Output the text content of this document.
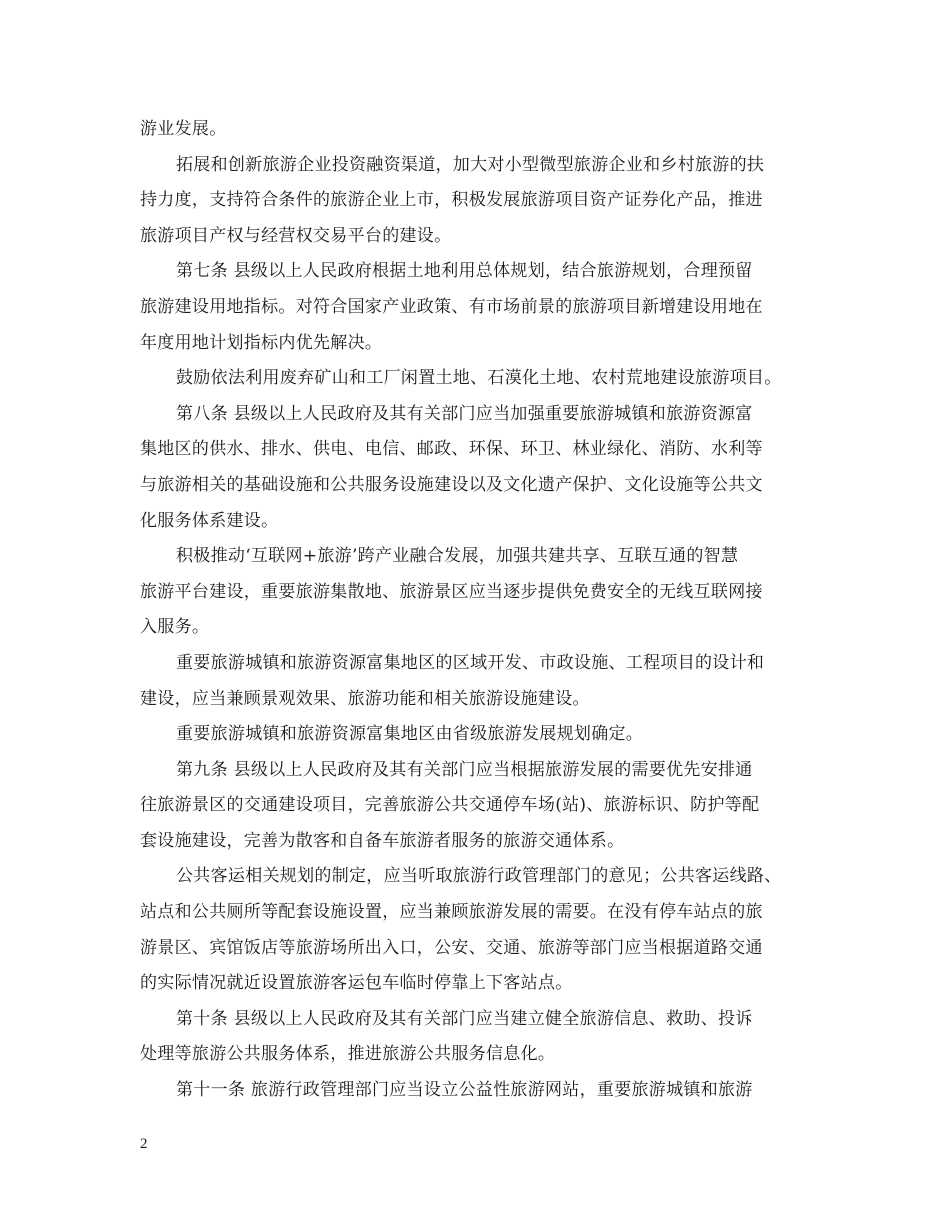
游业发展。
拓展和创新旅游企业投资融资渠道，加大对小型微型旅游企业和乡村旅游的扶
持力度，支持符合条件的旅游企业上市，积极发展旅游项目资产证券化产品，推进
旅游项目产权与经营权交易平台的建设。
第七条 县级以上人民政府根据土地利用总体规划，结合旅游规划，合理预留
旅游建设用地指标。对符合国家产业政策、有市场前景的旅游项目新增建设用地在
年度用地计划指标内优先解决。
鼓励依法利用废弃矿山和工厂闲置土地、石漠化土地、农村荒地建设旅游项目。
第八条 县级以上人民政府及其有关部门应当加强重要旅游城镇和旅游资源富
集地区的供水、排水、供电、电信、邮政、环保、环卫、林业绿化、消防、水利等
与旅游相关的基础设施和公共服务设施建设以及文化遗产保护、文化设施等公共文
化服务体系建设。
积极推动‘互联网+旅游’跨产业融合发展，加强共建共享、互联互通的智慧
旅游平台建设，重要旅游集散地、旅游景区应当逐步提供免费安全的无线互联网接
入服务。
重要旅游城镇和旅游资源富集地区的区域开发、市政设施、工程项目的设计和
建设，应当兼顾景观效果、旅游功能和相关旅游设施建设。
重要旅游城镇和旅游资源富集地区由省级旅游发展规划确定。
第九条 县级以上人民政府及其有关部门应当根据旅游发展的需要优先安排通
往旅游景区的交通建设项目，完善旅游公共交通停车场(站)、旅游标识、防护等配
套设施建设，完善为散客和自备车旅游者服务的旅游交通体系。
公共客运相关规划的制定，应当听取旅游行政管理部门的意见；公共客运线路、
站点和公共厕所等配套设施设置，应当兼顾旅游发展的需要。在没有停车站点的旅
游景区、宾馆饭店等旅游场所出入口，公安、交通、旅游等部门应当根据道路交通
的实际情况就近设置旅游客运包车临时停靠上下客站点。
第十条 县级以上人民政府及其有关部门应当建立健全旅游信息、救助、投诉
处理等旅游公共服务体系，推进旅游公共服务信息化。
第十一条 旅游行政管理部门应当设立公益性旅游网站，重要旅游城镇和旅游
2
